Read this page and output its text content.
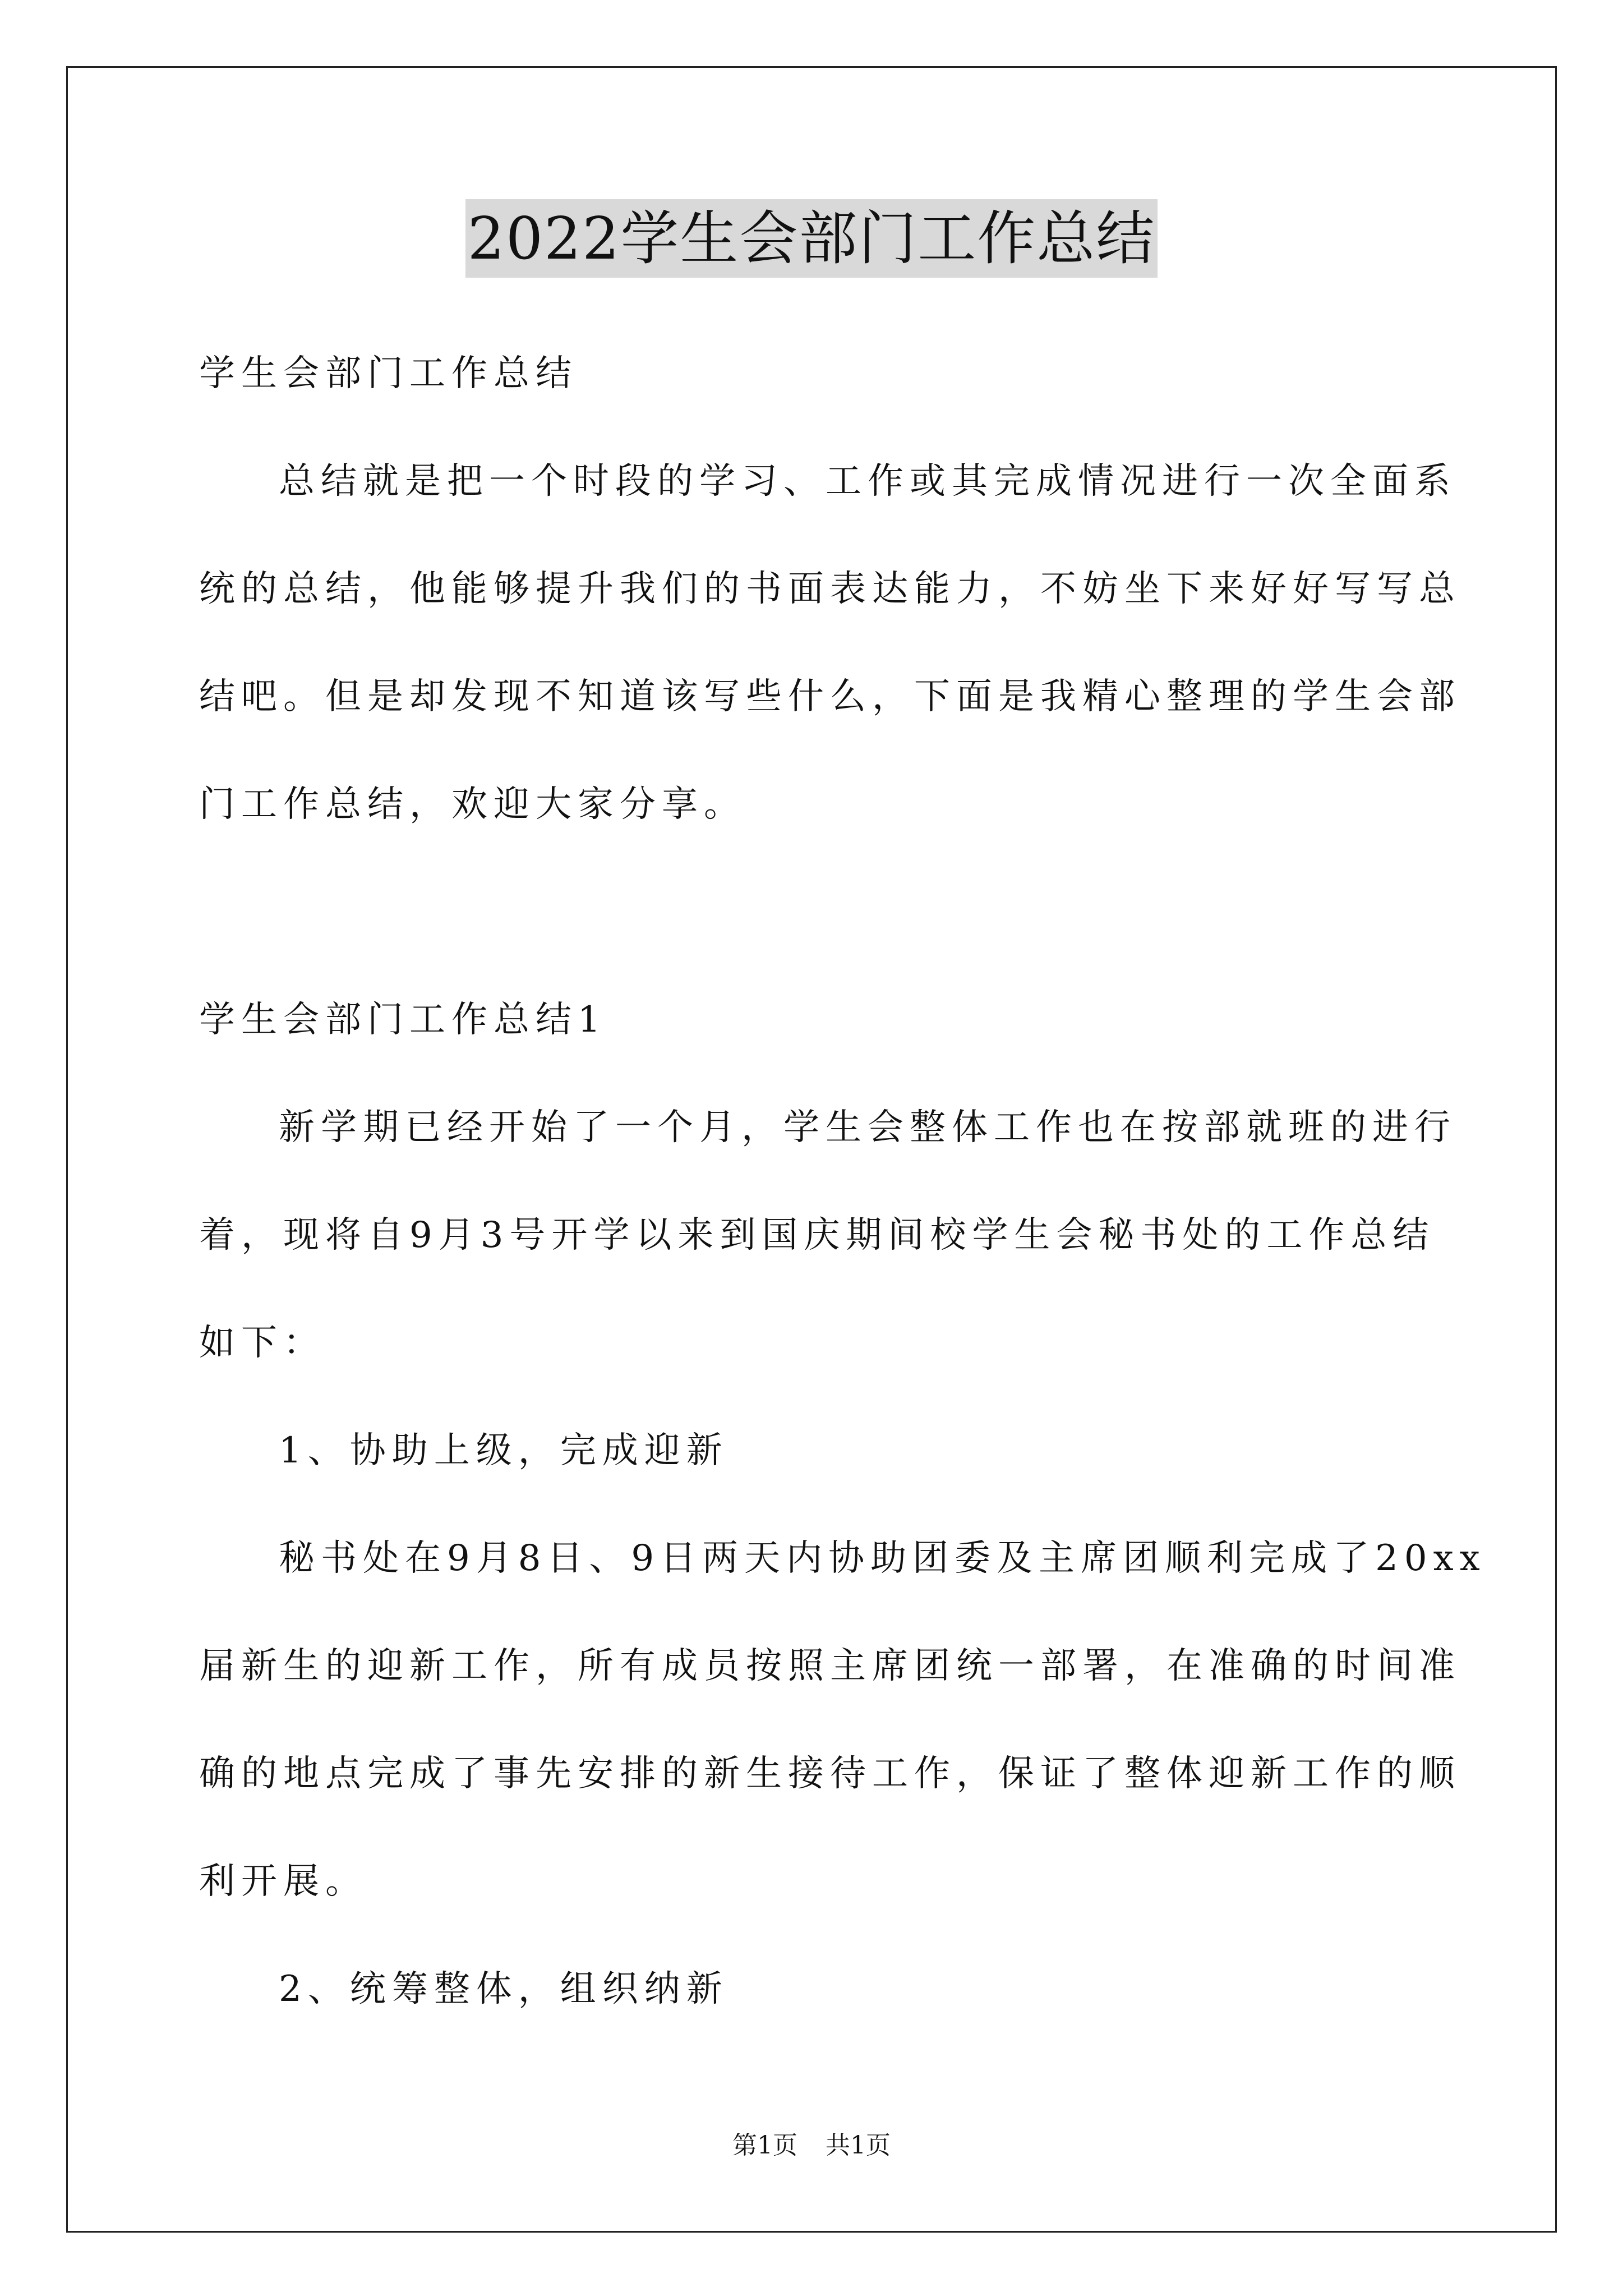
2022学生会部门工作总结
学生会部门工作总结
总结就是把一个时段的学习、工作或其完成情况进行一次全面系
统的总结，他能够提升我们的书面表达能力，不妨坐下来好好写写总
结吧。但是却发现不知道该写些什么，下面是我精心整理的学生会部
门工作总结，欢迎大家分享。
学生会部门工作总结1
新学期已经开始了一个月，学生会整体工作也在按部就班的进行
着，现将自9月3号开学以来到国庆期间校学生会秘书处的工作总结
如下：
1、协助上级，完成迎新
秘书处在9月8日、9日两天内协助团委及主席团顺利完成了20xx
届新生的迎新工作，所有成员按照主席团统一部署，在准确的时间准
确的地点完成了事先安排的新生接待工作，保证了整体迎新工作的顺
利开展。
2、统筹整体，组织纳新
第1页 共1页
